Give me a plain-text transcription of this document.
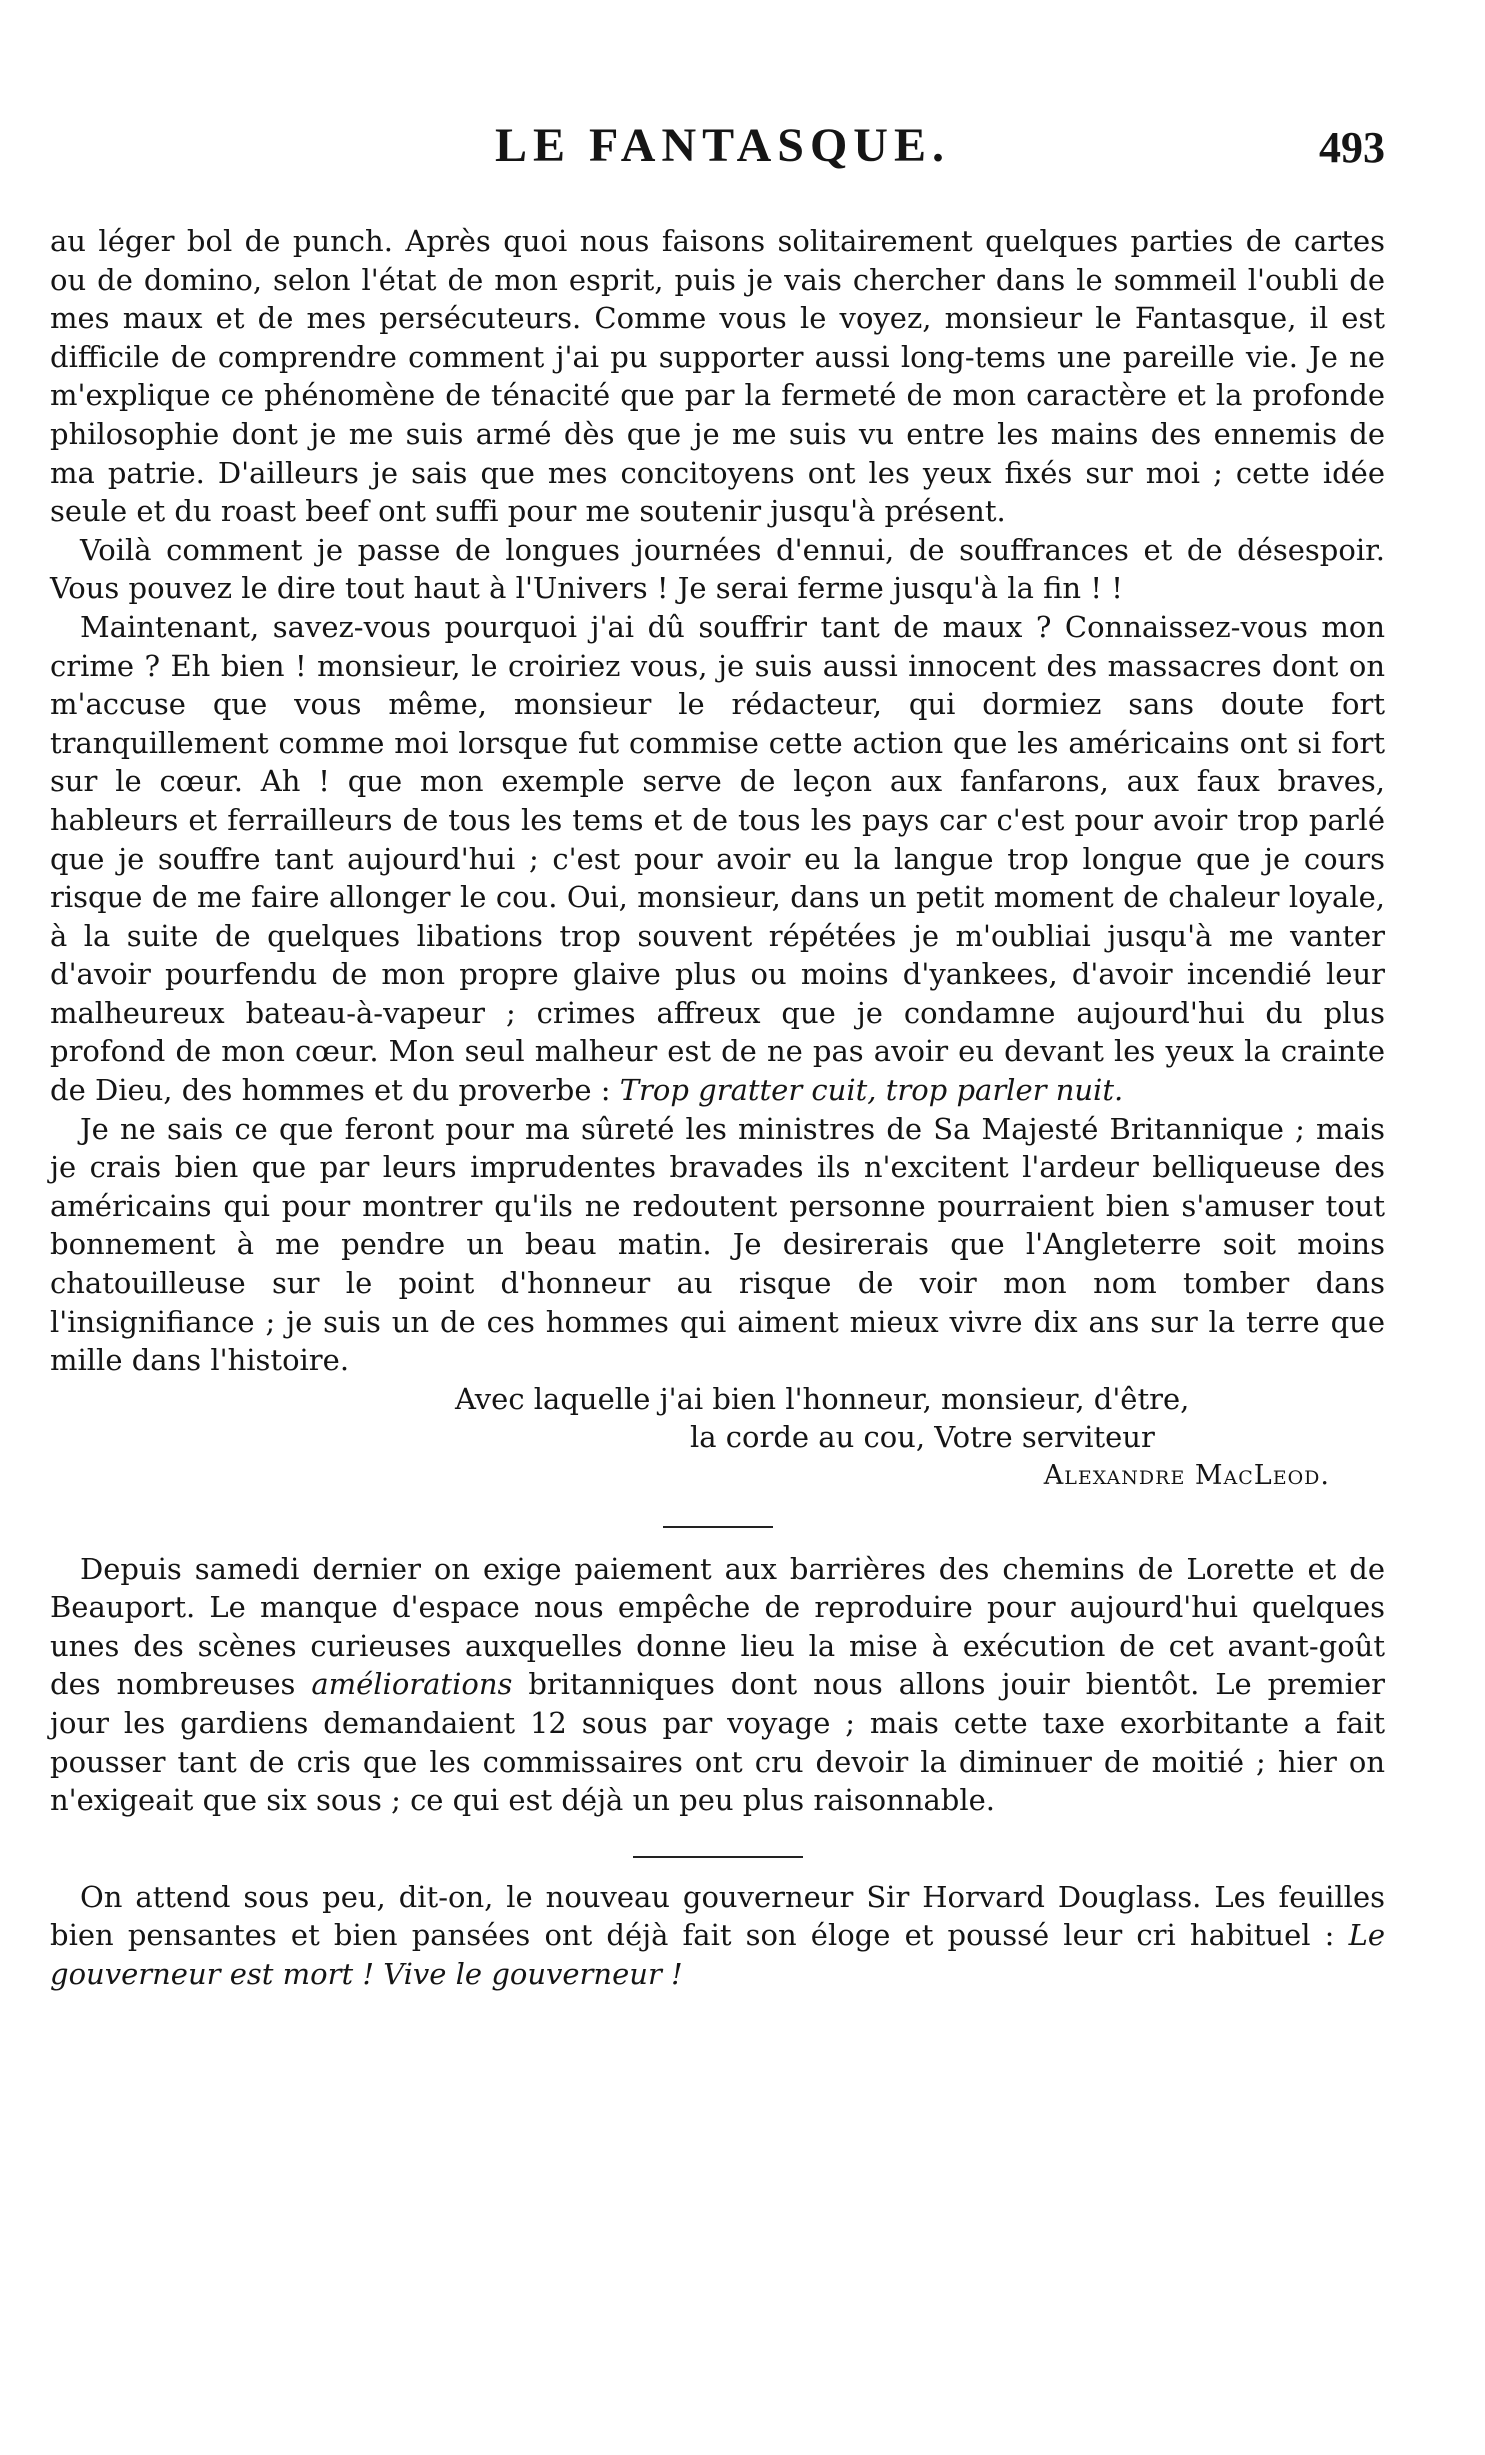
LE FANTASQUE.	493

au léger bol de punch. Après quoi nous faisons solitairement quelques parties de cartes ou de domino, selon l'état de mon esprit, puis je vais chercher dans le sommeil l'oubli de mes maux et de mes persécuteurs. Comme vous le voyez, monsieur le Fantasque, il est difficile de comprendre comment j'ai pu supporter aussi long-tems une pareille vie. Je ne m'explique ce phénomène de ténacité que par la fermeté de mon caractère et la profonde philosophie dont je me suis armé dès que je me suis vu entre les mains des ennemis de ma patrie. D'ailleurs je sais que mes concitoyens ont les yeux fixés sur moi ; cette idée seule et du roast beef ont suffi pour me soutenir jusqu'à présent.

Voilà comment je passe de longues journées d'ennui, de souffrances et de désespoir. Vous pouvez le dire tout haut à l'Univers ! Je serai ferme jusqu'à la fin ! !

Maintenant, savez-vous pourquoi j'ai dû souffrir tant de maux ? Connaissez-vous mon crime ? Eh bien ! monsieur, le croiriez vous, je suis aussi innocent des massacres dont on m'accuse que vous même, monsieur le rédacteur, qui dormiez sans doute fort tranquillement comme moi lorsque fut commise cette action que les américains ont si fort sur le cœur. Ah ! que mon exemple serve de leçon aux fanfarons, aux faux braves, hableurs et ferrailleurs de tous les tems et de tous les pays car c'est pour avoir trop parlé que je souffre tant aujourd'hui ; c'est pour avoir eu la langue trop longue que je cours risque de me faire allonger le cou. Oui, monsieur, dans un petit moment de chaleur loyale, à la suite de quelques libations trop souvent répétées je m'oubliai jusqu'à me vanter d'avoir pourfendu de mon propre glaive plus ou moins d'yankees, d'avoir incendié leur malheureux bateau-à-vapeur ; crimes affreux que je condamne aujourd'hui du plus profond de mon cœur. Mon seul malheur est de ne pas avoir eu devant les yeux la crainte de Dieu, des hommes et du proverbe : Trop gratter cuit, trop parler nuit.

Je ne sais ce que feront pour ma sûreté les ministres de Sa Majesté Britannique ; mais je crais bien que par leurs imprudentes bravades ils n'excitent l'ardeur belliqueuse des américains qui pour montrer qu'ils ne redoutent personne pourraient bien s'amuser tout bonnement à me pendre un beau matin. Je desirerais que l'Angleterre soit moins chatouilleuse sur le point d'honneur au risque de voir mon nom tomber dans l'insignifiance ; je suis un de ces hommes qui aiment mieux vivre dix ans sur la terre que mille dans l'histoire.

Avec laquelle j'ai bien l'honneur, monsieur, d'être,

la corde au cou, Votre serviteur

Alexandre MacLeod.

Depuis samedi dernier on exige paiement aux barrières des chemins de Lorette et de Beauport. Le manque d'espace nous empêche de reproduire pour aujourd'hui quelques unes des scènes curieuses auxquelles donne lieu la mise à exécution de cet avant-goût des nombreuses améliorations britanniques dont nous allons jouir bientôt. Le premier jour les gardiens demandaient 12 sous par voyage ; mais cette taxe exorbitante a fait pousser tant de cris que les commissaires ont cru devoir la diminuer de moitié ; hier on n'exigeait que six sous ; ce qui est déjà un peu plus raisonnable.

On attend sous peu, dit-on, le nouveau gouverneur Sir Horvard Douglass. Les feuilles bien pensantes et bien pansées ont déjà fait son éloge et poussé leur cri habituel : Le gouverneur est mort ! Vive le gouverneur !
